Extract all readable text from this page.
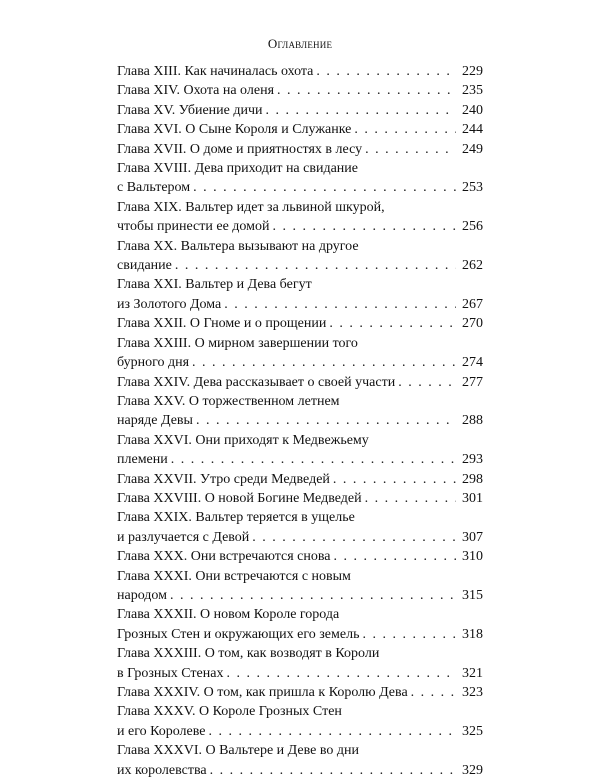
Оглавление
Глава XIII. Как начиналась охота . . .	229
Глава XIV. Охота на оленя . . .	235
Глава XV. Убиение дичи . . .	240
Глава XVI. О Сыне Короля и Служанке . . .	244
Глава XVII. О доме и приятностях в лесу . . .	249
Глава XVIII. Дева приходит на свидание
с Вальтером . . .	253
Глава XIX. Вальтер идет за львиной шкурой,
чтобы принести ее домой . . .	256
Глава XX. Вальтера вызывают на другое
свидание . . .	262
Глава XXI. Вальтер и Дева бегут
из Золотого Дома . . .	267
Глава XXII. О Гноме и о прощении . . .	270
Глава XXIII. О мирном завершении того
бурного дня . . .	274
Глава XXIV. Дева рассказывает о своей участи . . .	277
Глава XXV. О торжественном летнем
наряде Девы . . .	288
Глава XXVI. Они приходят к Медвежьему
племени . . .	293
Глава XXVII. Утро среди Медведей . . .	298
Глава XXVIII. О новой Богине Медведей . . .	301
Глава XXIX. Вальтер теряется в ущелье
и разлучается с Девой . . .	307
Глава XXX. Они встречаются снова . . .	310
Глава XXXI. Они встречаются с новым
народом . . .	315
Глава XXXII. О новом Короле города
Грозных Стен и окружающих его земель . . .	318
Глава XXXIII. О том, как возводят в Короли
в Грозных Стенах . . .	321
Глава XXXIV. О том, как пришла к Королю Дева . . .	323
Глава XXXV. О Короле Грозных Стен
и его Королеве . . .	325
Глава XXXVI. О Вальтере и Деве во дни
их королевства . . .	329
